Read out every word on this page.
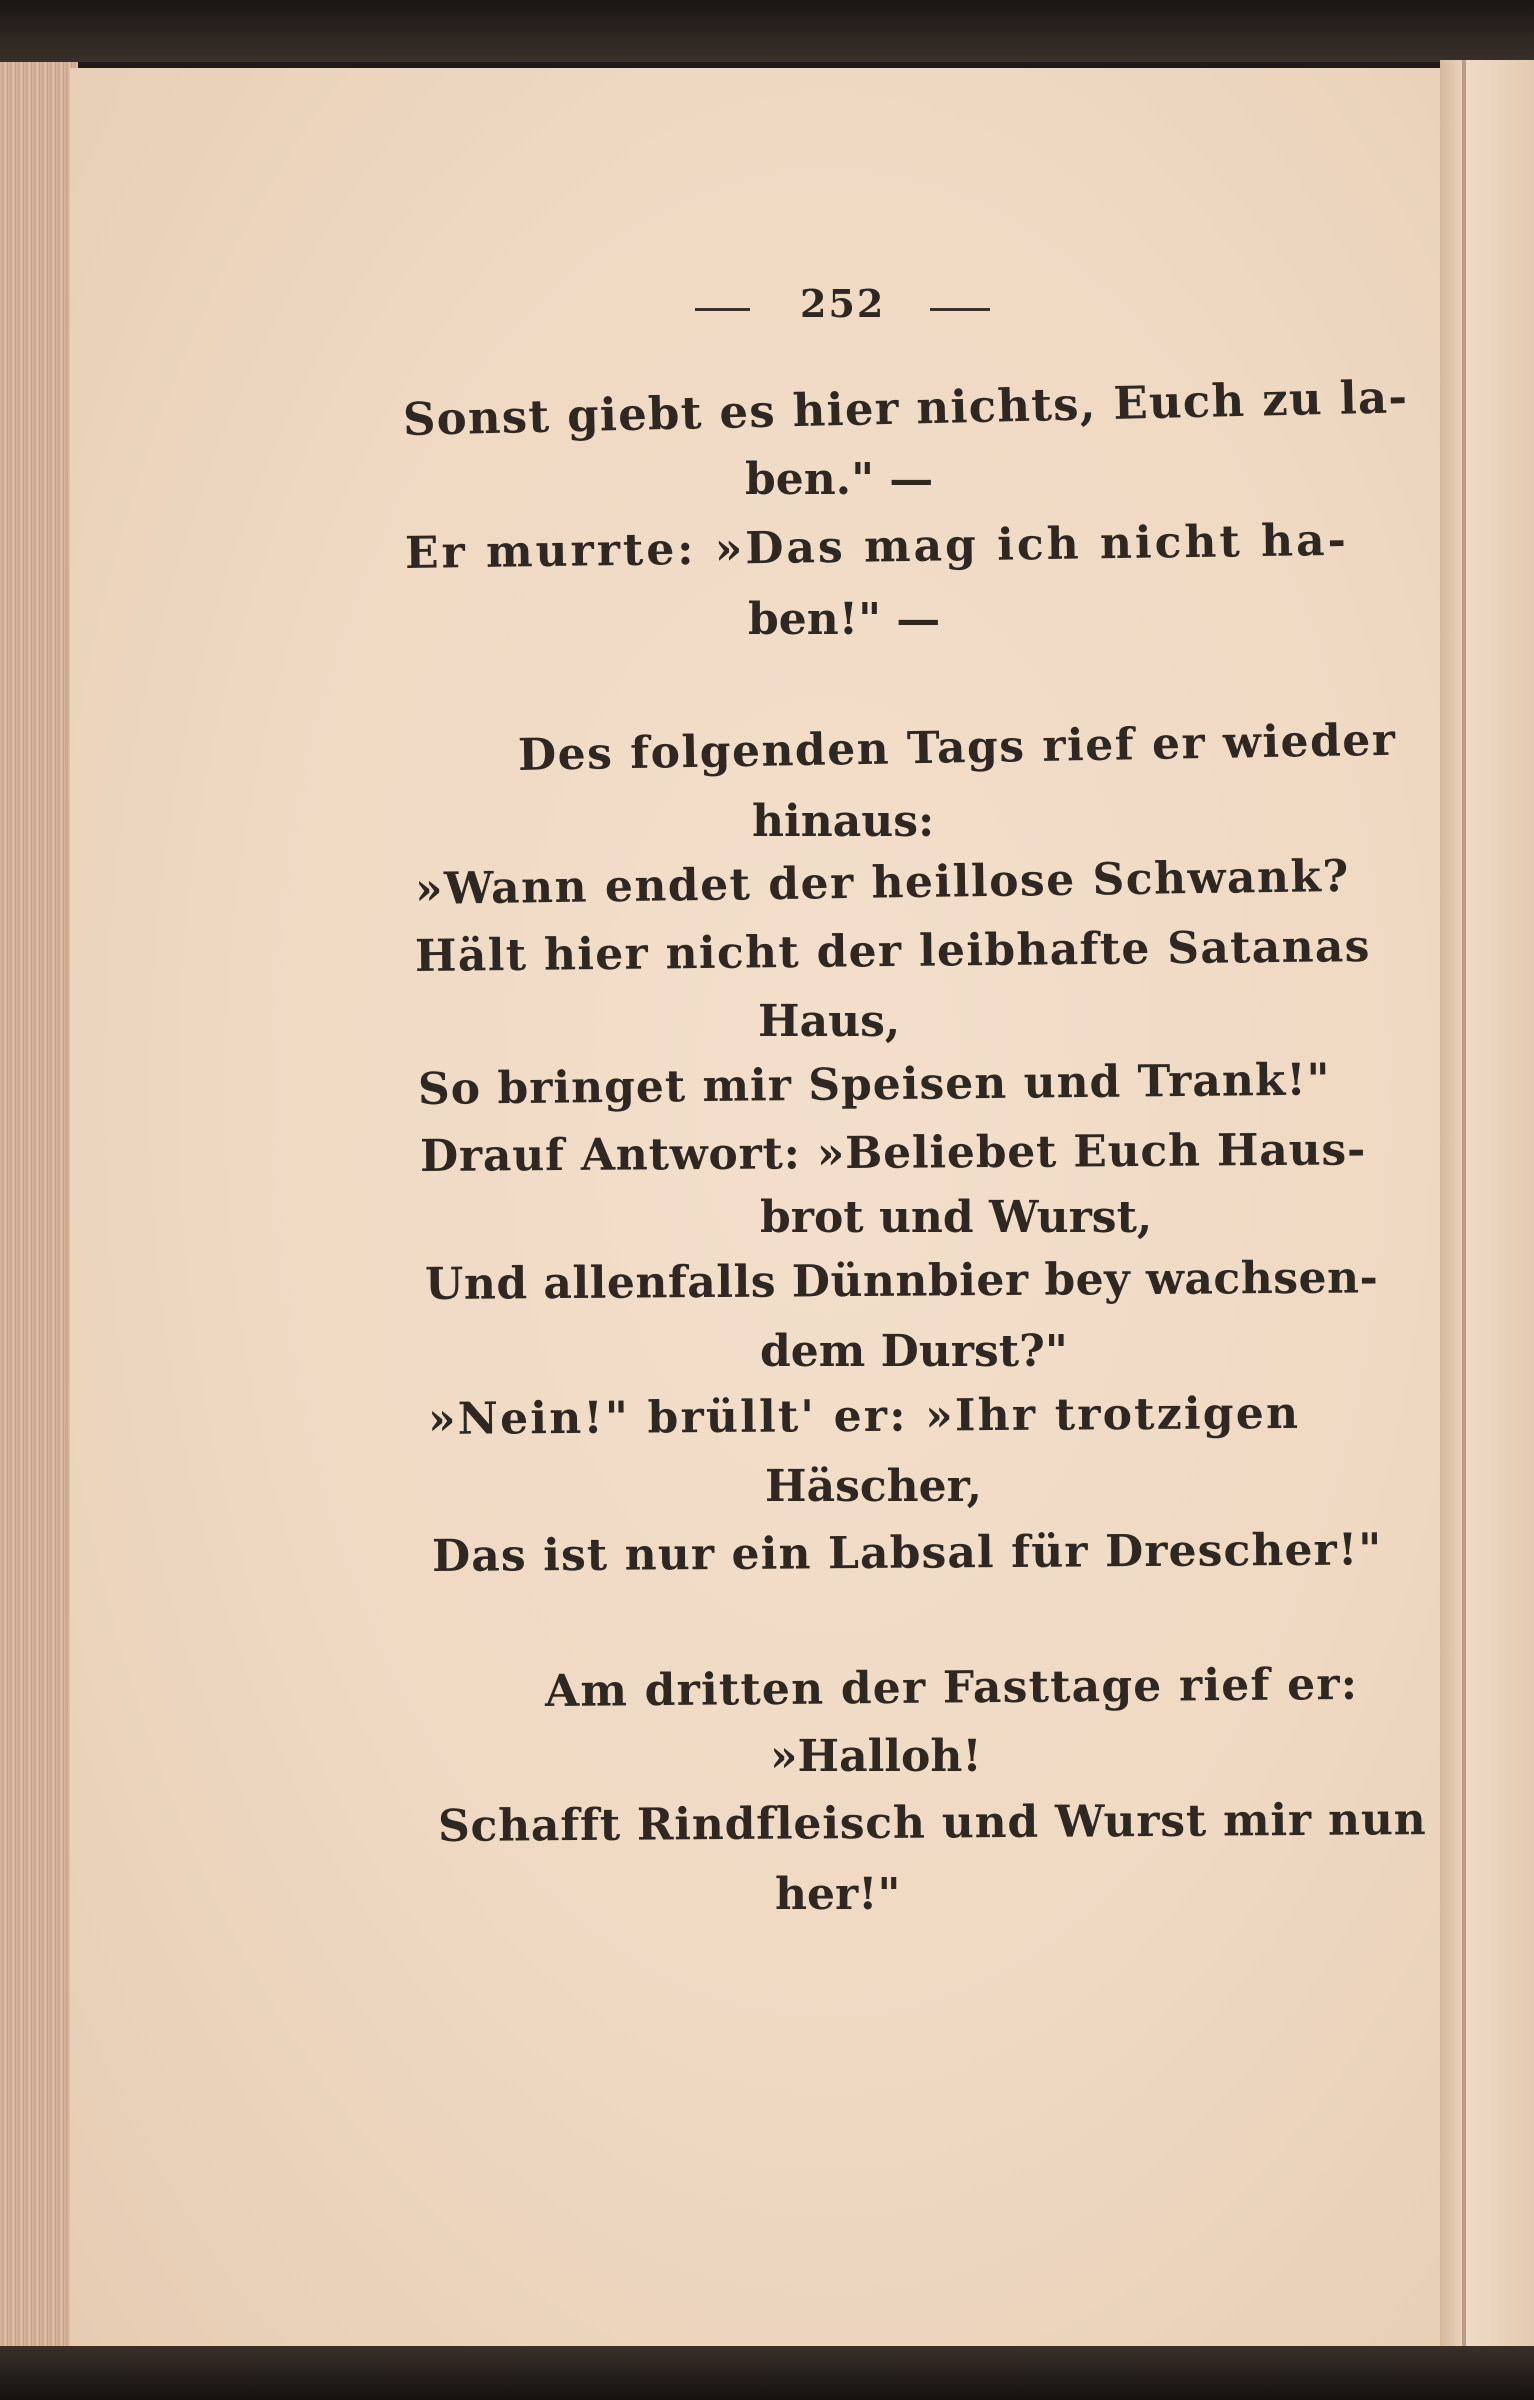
252
Sonst giebt es hier nichts, Euch zu la-
ben." —
Er murrte: »Das mag ich nicht ha-
ben!" —
Des folgenden Tags rief er wieder
hinaus:
»Wann endet der heillose Schwank?
Hält hier nicht der leibhafte Satanas
Haus,
So bringet mir Speisen und Trank!"
Drauf Antwort: »Beliebet Euch Haus-
brot und Wurst,
Und allenfalls Dünnbier bey wachsen-
dem Durst?"
»Nein!" brüllt' er: »Ihr trotzigen
Häscher,
Das ist nur ein Labsal für Drescher!"
Am dritten der Fasttage rief er:
»Halloh!
Schafft Rindfleisch und Wurst mir nun
her!"
